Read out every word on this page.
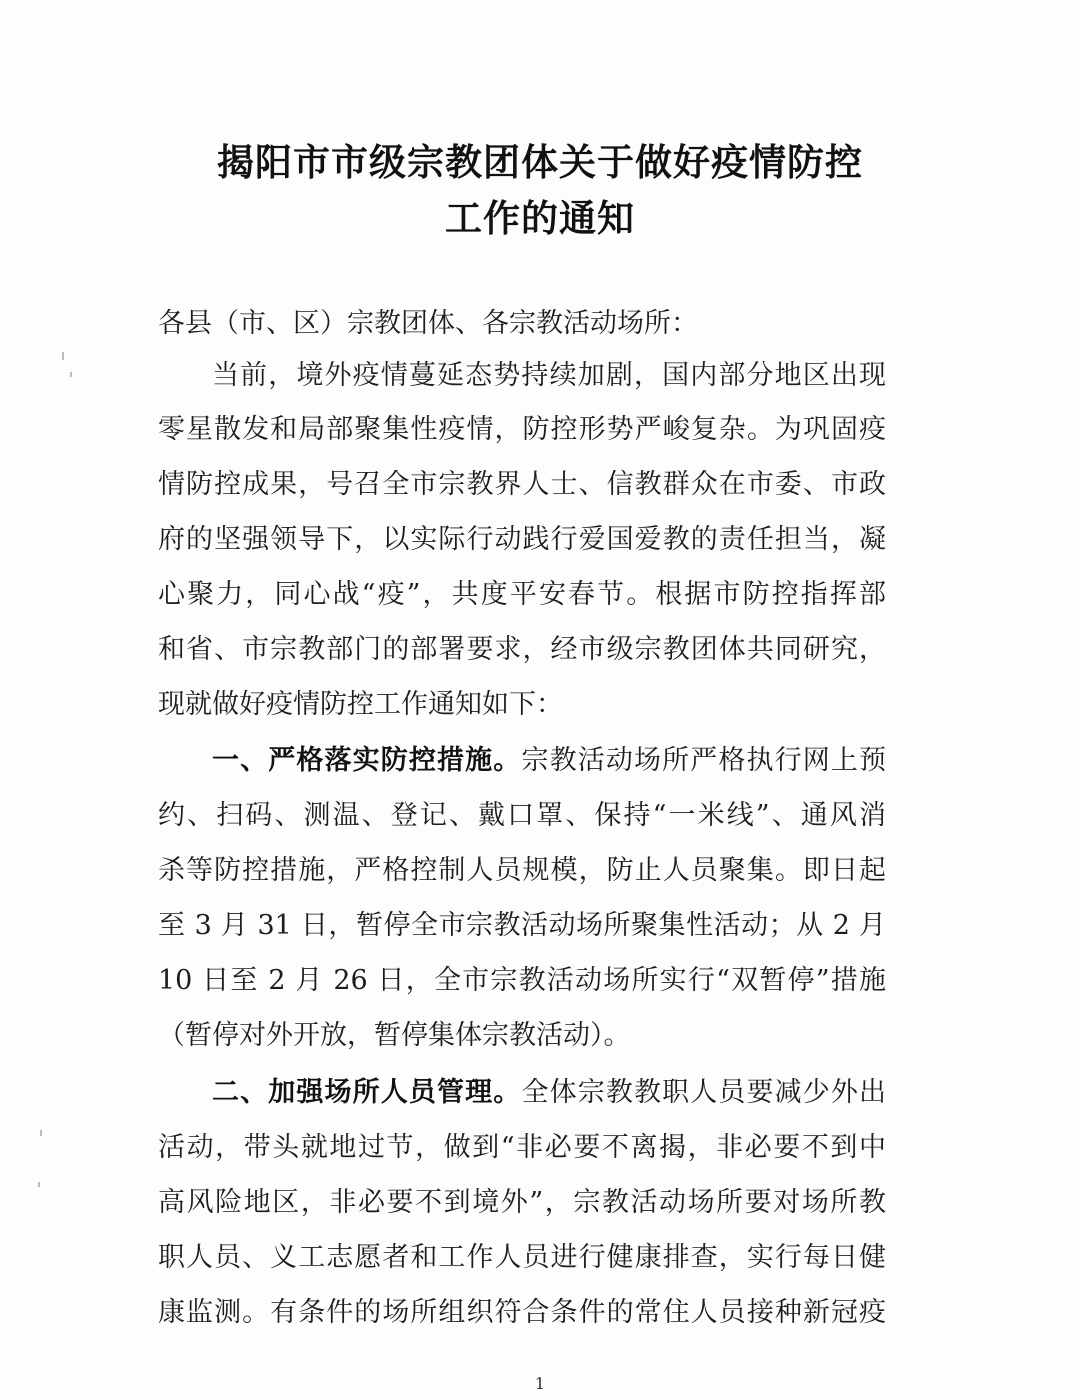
揭阳市市级宗教团体关于做好疫情防控
工作的通知
各县（市、区）宗教团体、各宗教活动场所：
当前，境外疫情蔓延态势持续加剧，国内部分地区出现
零星散发和局部聚集性疫情，防控形势严峻复杂。为巩固疫
情防控成果，号召全市宗教界人士、信教群众在市委、市政
府的坚强领导下，以实际行动践行爱国爱教的责任担当，凝
心聚力，同心战“疫”，共度平安春节。根据市防控指挥部
和省、市宗教部门的部署要求，经市级宗教团体共同研究，
现就做好疫情防控工作通知如下：
一、严格落实防控措施。宗教活动场所严格执行网上预
约、扫码、测温、登记、戴口罩、保持“一米线”、通风消
杀等防控措施，严格控制人员规模，防止人员聚集。即日起
至 3 月 31 日，暂停全市宗教活动场所聚集性活动；从 2 月
10 日至 2 月 26 日，全市宗教活动场所实行“双暂停”措施
（暂停对外开放，暂停集体宗教活动）。
二、加强场所人员管理。全体宗教教职人员要减少外出
活动，带头就地过节，做到“非必要不离揭，非必要不到中
高风险地区，非必要不到境外”，宗教活动场所要对场所教
职人员、义工志愿者和工作人员进行健康排查，实行每日健
康监测。有条件的场所组织符合条件的常住人员接种新冠疫
1
